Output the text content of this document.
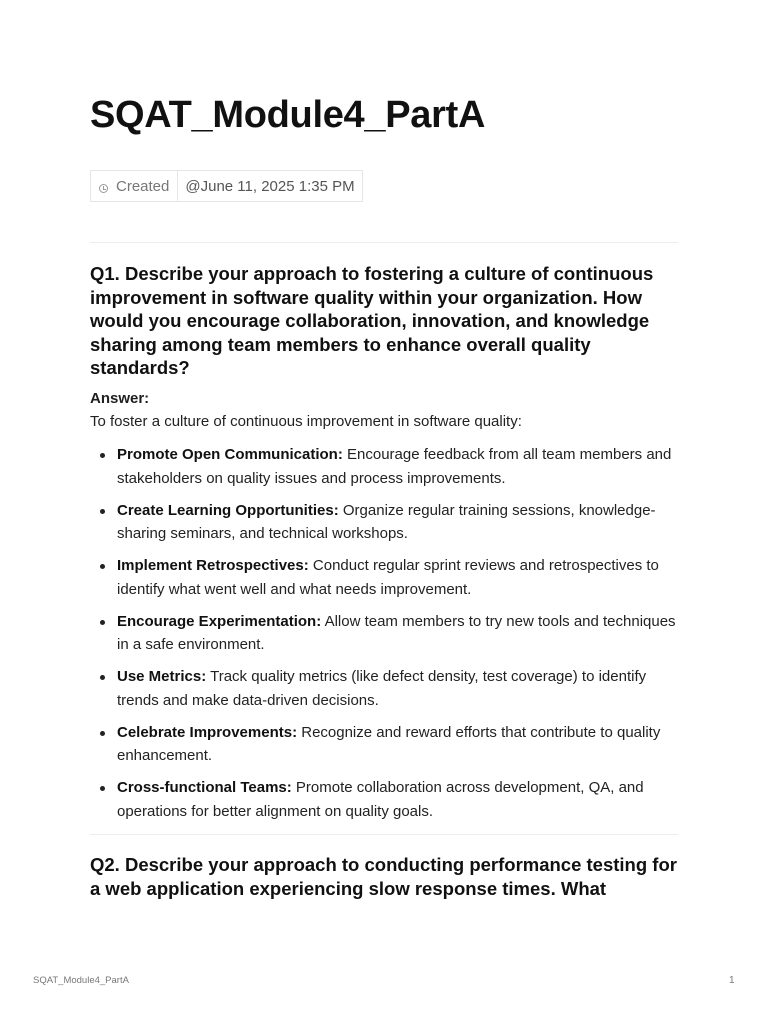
SQAT_Module4_PartA
Created	@June 11, 2025 1:35 PM
Q1. Describe your approach to fostering a culture of continuous improvement in software quality within your organization. How would you encourage collaboration, innovation, and knowledge sharing among team members to enhance overall quality standards?
Answer:
To foster a culture of continuous improvement in software quality:
Promote Open Communication: Encourage feedback from all team members and stakeholders on quality issues and process improvements.
Create Learning Opportunities: Organize regular training sessions, knowledge-sharing seminars, and technical workshops.
Implement Retrospectives: Conduct regular sprint reviews and retrospectives to identify what went well and what needs improvement.
Encourage Experimentation: Allow team members to try new tools and techniques in a safe environment.
Use Metrics: Track quality metrics (like defect density, test coverage) to identify trends and make data-driven decisions.
Celebrate Improvements: Recognize and reward efforts that contribute to quality enhancement.
Cross-functional Teams: Promote collaboration across development, QA, and operations for better alignment on quality goals.
Q2. Describe your approach to conducting performance testing for a web application experiencing slow response times. What
SQAT_Module4_PartA	1
